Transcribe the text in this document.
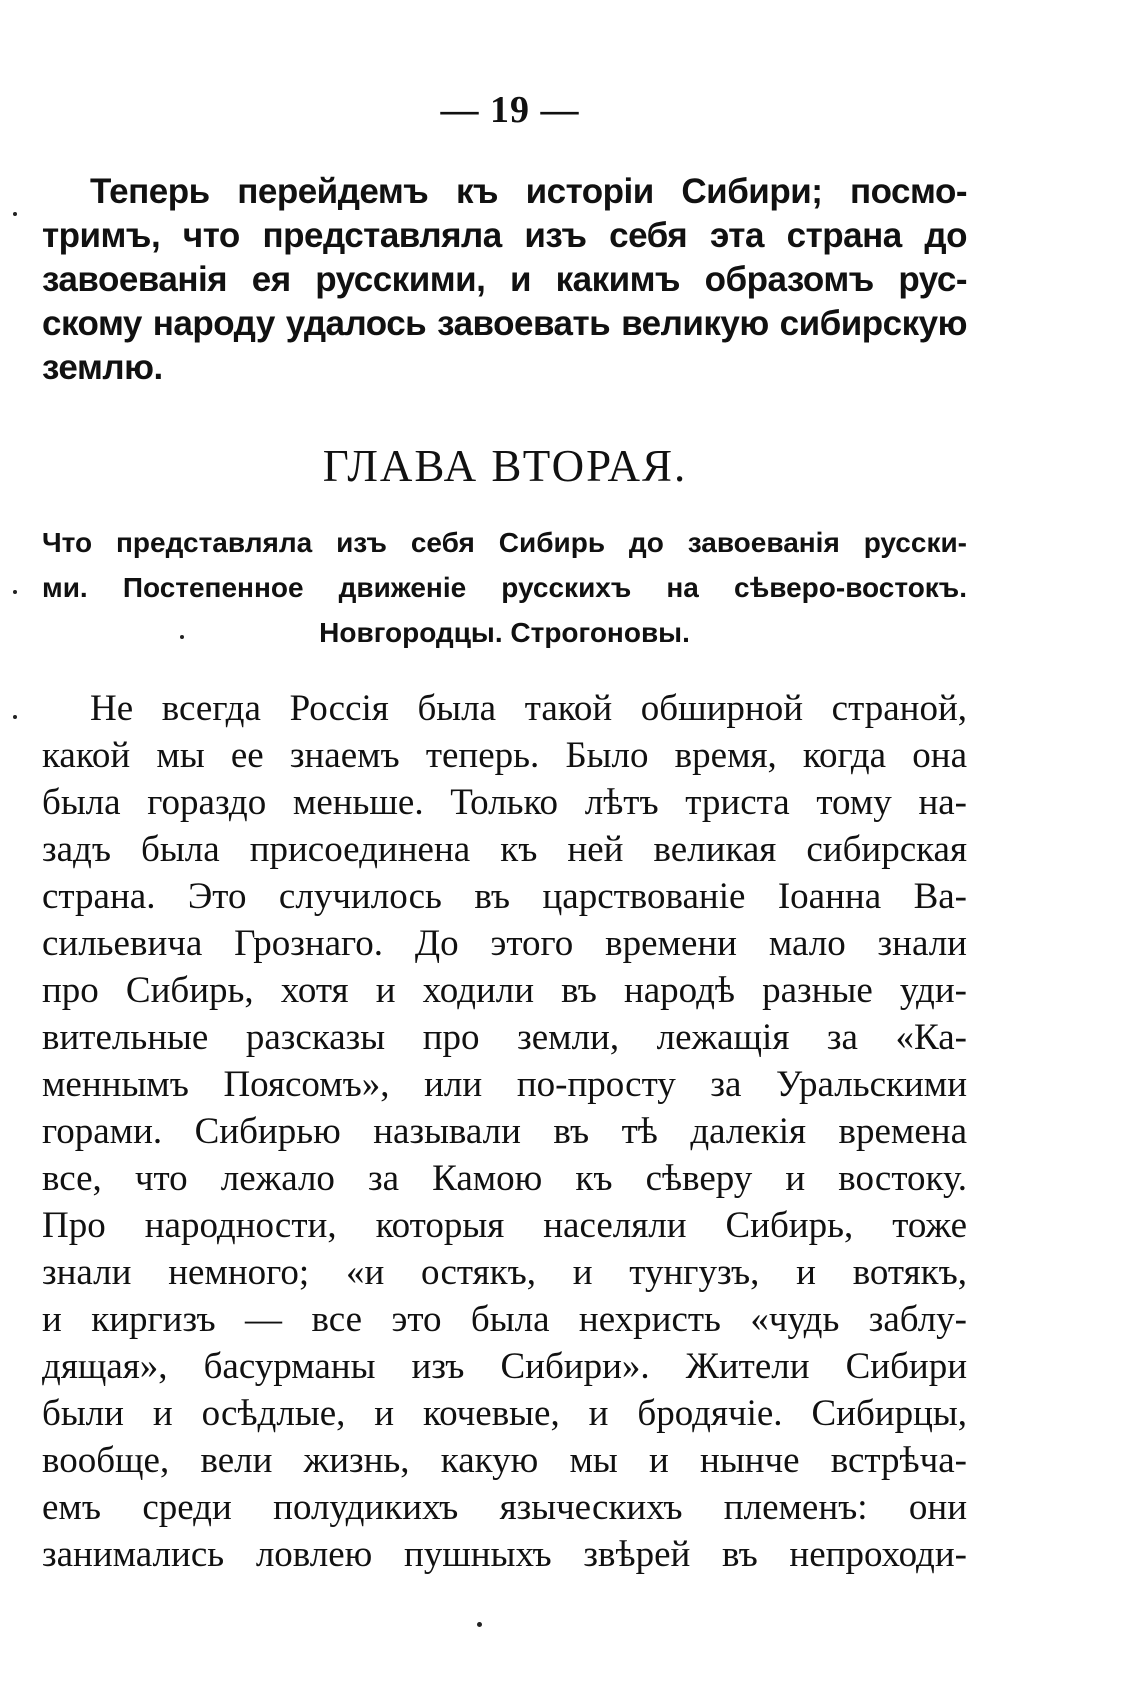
— 19 —
Теперь перейдемъ къ исторіи Сибири; посмо-
тримъ, что представляла изъ себя эта страна до
завоеванія ея русскими, и какимъ образомъ рус-
скому народу удалось завоевать великую сибирскую
землю.
ГЛАВА ВТОРАЯ.
Что представляла изъ себя Сибирь до завоеванія русски-
ми. Постепенное движеніе русскихъ на сѣверо-востокъ.
Новгородцы. Строгоновы.
Не всегда Россія была такой обширной страной,
какой мы ее знаемъ теперь. Было время, когда она
была гораздо меньше. Только лѣтъ триста тому на-
задъ была присоединена къ ней великая сибирская
страна. Это случилось въ царствованіе Іоанна Ва-
сильевича Грознаго. До этого времени мало знали
про Сибирь, хотя и ходили въ народѣ разные уди-
вительные разсказы про земли, лежащія за «Ка-
меннымъ Поясомъ», или по-просту за Уральскими
горами. Сибирью называли въ тѣ далекія времена
все, что лежало за Камою къ сѣверу и востоку.
Про народности, которыя населяли Сибирь, тоже
знали немного; «и остякъ, и тунгузъ, и вотякъ,
и киргизъ — все это была нехристь «чудь заблу-
дящая», басурманы изъ Сибири». Жители Сибири
были и осѣдлые, и кочевые, и бродячіе. Сибирцы,
вообще, вели жизнь, какую мы и нынче встрѣча-
емъ среди полудикихъ языческихъ племенъ: они
занимались ловлею пушныхъ звѣрей въ непроходи-
